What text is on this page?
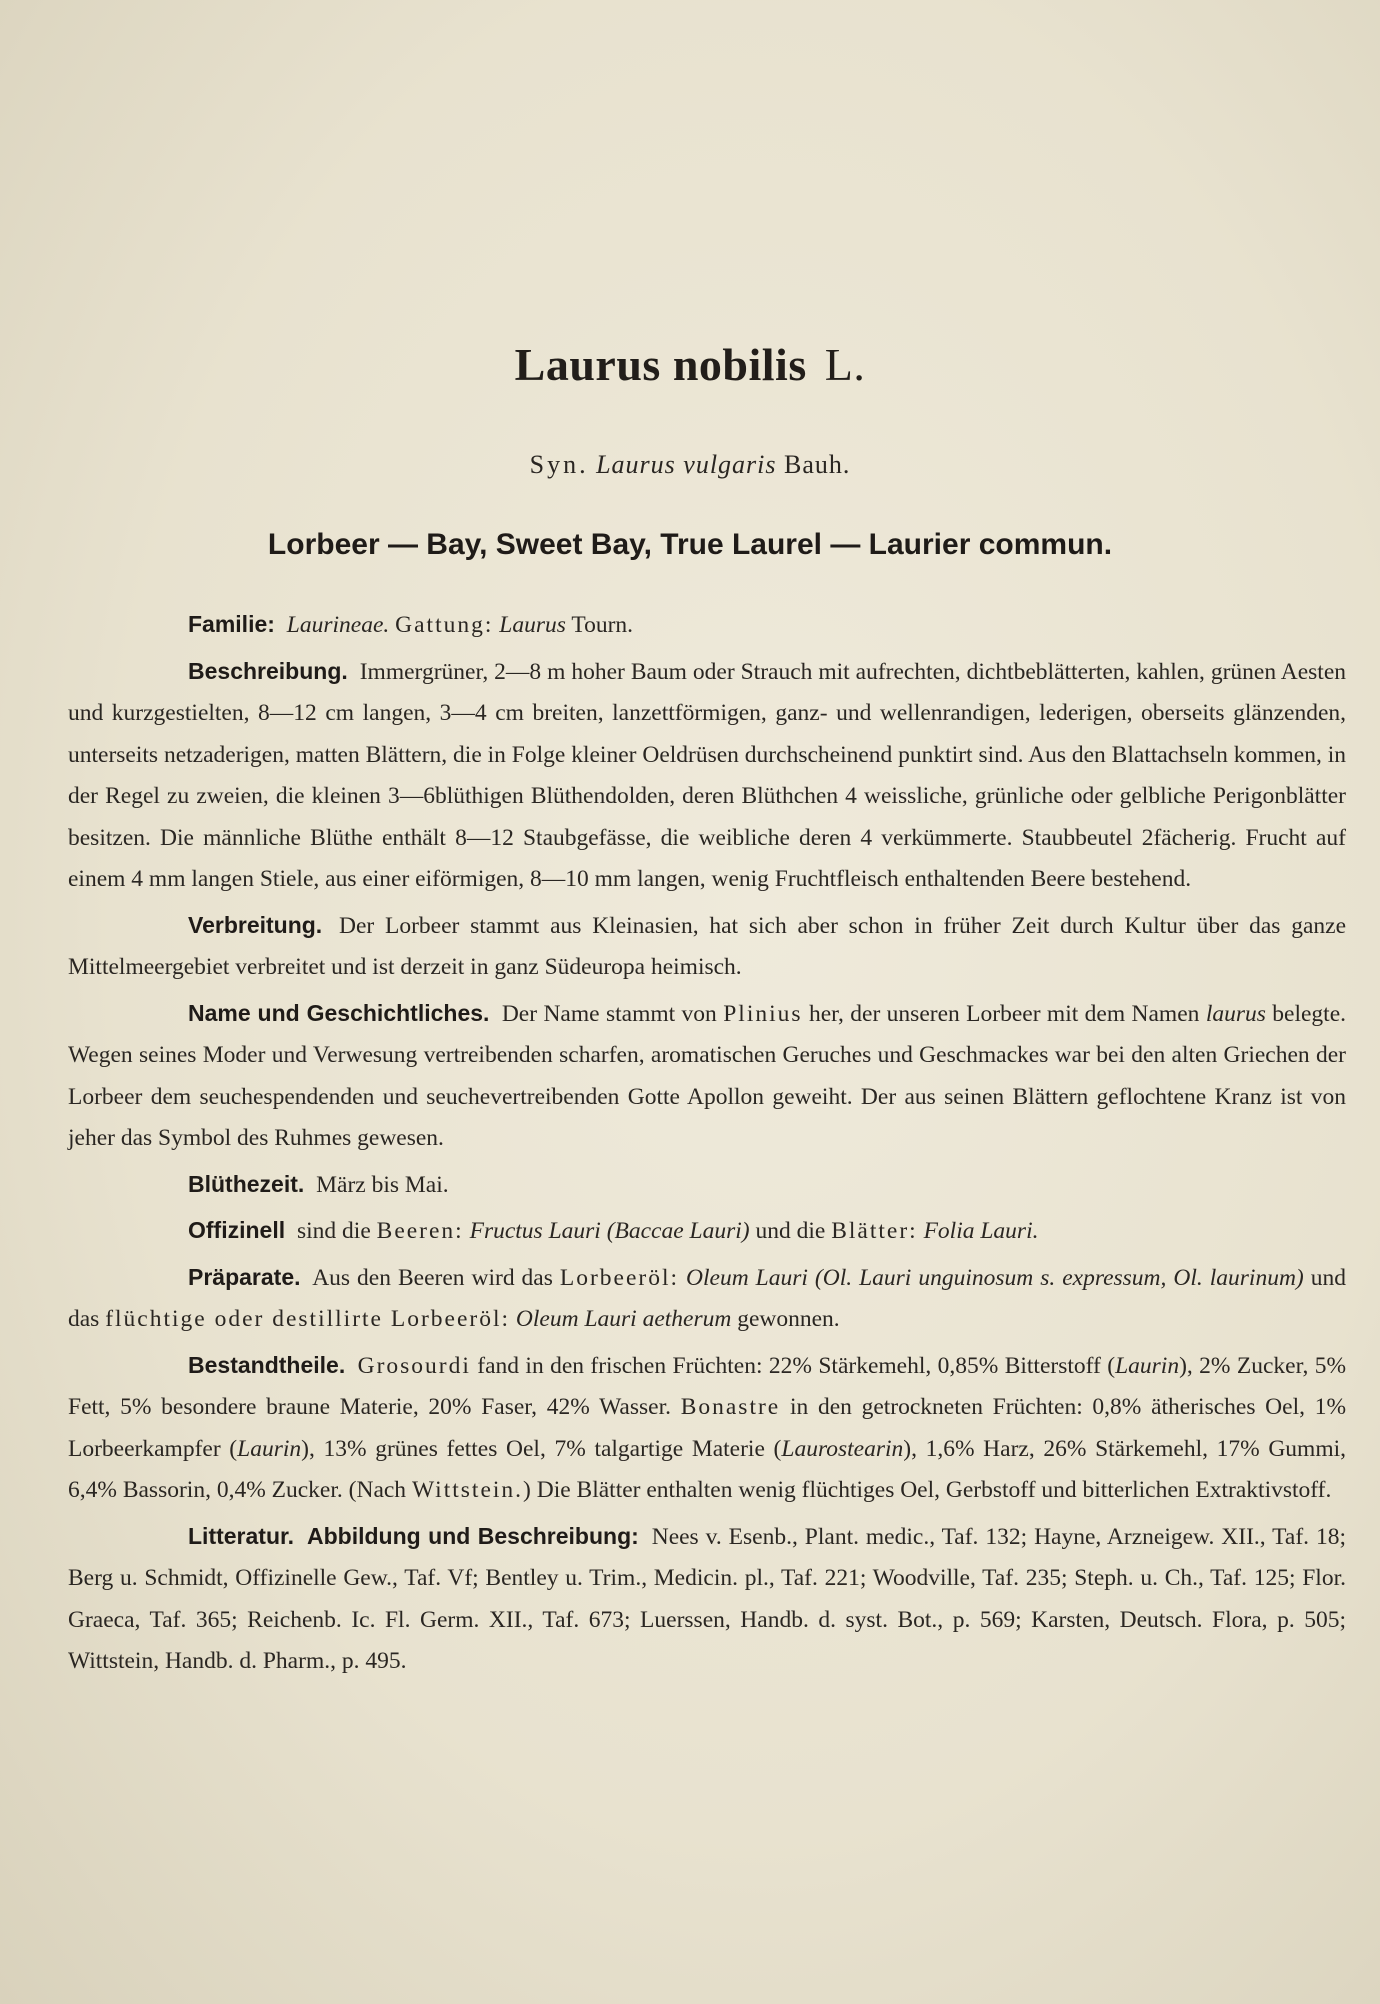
Laurus nobilis L.
Syn. Laurus vulgaris Bauh.
Lorbeer — Bay, Sweet Bay, True Laurel — Laurier commun.

Familie: Laurineae. Gattung: Laurus Tourn.

Beschreibung. Immergrüner, 2—8 m hoher Baum oder Strauch mit aufrechten, dichtbeblätterten, kahlen, grünen Aesten und kurzgestielten, 8—12 cm langen, 3—4 cm breiten, lanzettförmigen, ganz- und wellenrandigen, lederigen, oberseits glänzenden, unterseits netzaderigen, matten Blättern, die in Folge kleiner Oeldrüsen durchscheinend punktirt sind. Aus den Blattachseln kommen, in der Regel zu zweien, die kleinen 3—6blüthigen Blüthendolden, deren Blüthchen 4 weissliche, grünliche oder gelbliche Perigonblätter besitzen. Die männliche Blüthe enthält 8—12 Staubgefässe, die weibliche deren 4 verkümmerte. Staubbeutel 2fächerig. Frucht auf einem 4 mm langen Stiele, aus einer eiförmigen, 8—10 mm langen, wenig Fruchtfleisch enthaltenden Beere bestehend.

Verbreitung. Der Lorbeer stammt aus Kleinasien, hat sich aber schon in früher Zeit durch Kultur über das ganze Mittelmeergebiet verbreitet und ist derzeit in ganz Südeuropa heimisch.

Name und Geschichtliches. Der Name stammt von Plinius her, der unseren Lorbeer mit dem Namen laurus belegte. Wegen seines Moder und Verwesung vertreibenden scharfen, aromatischen Geruches und Geschmackes war bei den alten Griechen der Lorbeer dem seuchespendenden und seuchevertreibenden Gotte Apollon geweiht. Der aus seinen Blättern geflochtene Kranz ist von jeher das Symbol des Ruhmes gewesen.

Blüthezeit. März bis Mai.

Offizinell sind die Beeren: Fructus Lauri (Baccae Lauri) und die Blätter: Folia Lauri.

Präparate. Aus den Beeren wird das Lorbeeröl: Oleum Lauri (Ol. Lauri unguinosum s. expressum, Ol. laurinum) und das flüchtige oder destillirte Lorbeeröl: Oleum Lauri aetherum gewonnen.

Bestandtheile. Grosourdi fand in den frischen Früchten: 22% Stärkemehl, 0,85% Bitterstoff (Laurin), 2% Zucker, 5% Fett, 5% besondere braune Materie, 20% Faser, 42% Wasser. Bonastre in den getrockneten Früchten: 0,8% ätherisches Oel, 1% Lorbeerkampfer (Laurin), 13% grünes fettes Oel, 7% talgartige Materie (Laurostearin), 1,6% Harz, 26% Stärkemehl, 17% Gummi, 6,4% Bassorin, 0,4% Zucker. (Nach Wittstein.) Die Blätter enthalten wenig flüchtiges Oel, Gerbstoff und bitterlichen Extraktivstoff.

Litteratur. Abbildung und Beschreibung: Nees v. Esenb., Plant. medic., Taf. 132; Hayne, Arzneigew. XII., Taf. 18; Berg u. Schmidt, Offizinelle Gew., Taf. Vf; Bentley u. Trim., Medicin. pl., Taf. 221; Woodville, Taf. 235; Steph. u. Ch., Taf. 125; Flor. Graeca, Taf. 365; Reichenb. Ic. Fl. Germ. XII., Taf. 673; Luerssen, Handb. d. syst. Bot., p. 569; Karsten, Deutsch. Flora, p. 505; Wittstein, Handb. d. Pharm., p. 495.
